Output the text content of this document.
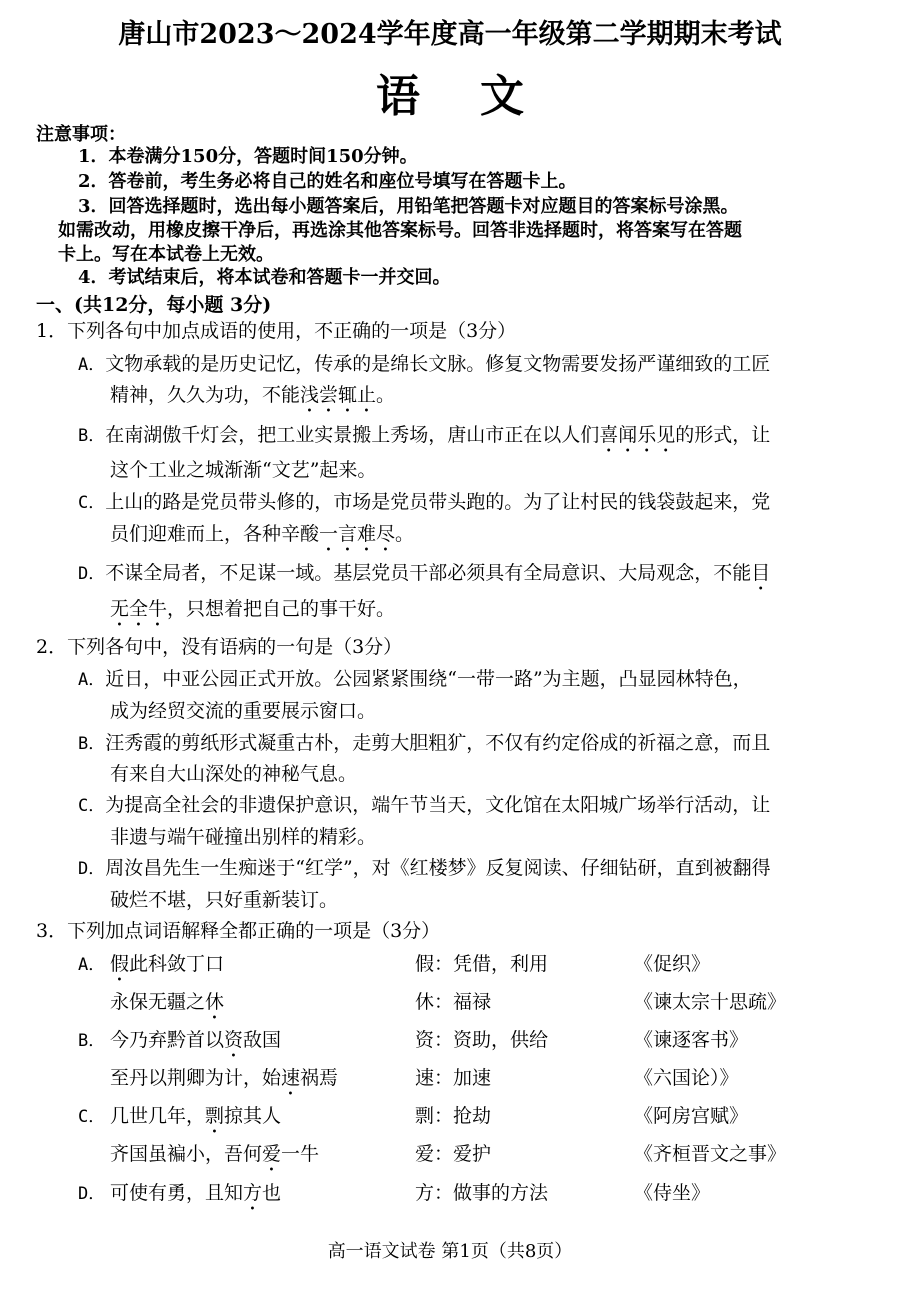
唐山市2023～2024学年度高一年级第二学期期末考试
语文
注意事项：
1．本卷满分150分，答题时间150分钟。
2．答卷前，考生务必将自己的姓名和座位号填写在答题卡上。
3．回答选择题时，选出每小题答案后，用铅笔把答题卡对应题目的答案标号涂黑。
如需改动，用橡皮擦干净后，再选涂其他答案标号。回答非选择题时，将答案写在答题
卡上。写在本试卷上无效。
4．考试结束后，将本试卷和答题卡一并交回。
一、(共12分，每小题 3分)
1．下列各句中加点成语的使用，不正确的一项是（3分）
A．文物承载的是历史记忆，传承的是绵长文脉。修复文物需要发扬严谨细致的工匠
精神，久久为功，不能浅尝辄止。
B．在南湖傲千灯会，把工业实景搬上秀场，唐山市正在以人们喜闻乐见的形式，让
这个工业之城渐渐“文艺”起来。
C．上山的路是党员带头修的，市场是党员带头跑的。为了让村民的钱袋鼓起来，党
员们迎难而上，各种辛酸一言难尽。
D．不谋全局者，不足谋一域。基层党员干部必须具有全局意识、大局观念，不能目
无全牛，只想着把自己的事干好。
2．下列各句中，没有语病的一句是（3分）
A．近日，中亚公园正式开放。公园紧紧围绕“一带一路”为主题，凸显园林特色，
成为经贸交流的重要展示窗口。
B．汪秀霞的剪纸形式凝重古朴，走剪大胆粗犷，不仅有约定俗成的祈福之意，而且
有来自大山深处的神秘气息。
C．为提高全社会的非遗保护意识，端午节当天，文化馆在太阳城广场举行活动，让
非遗与端午碰撞出别样的精彩。
D．周汝昌先生一生痴迷于“红学”，对《红楼梦》反复阅读、仔细钻研，直到被翻得
破烂不堪，只好重新装订。
3．下列加点词语解释全都正确的一项是（3分）
A． 假此科敛丁口	假：凭借，利用	《促织》
永保无疆之休	休：福禄	《谏太宗十思疏》
B． 今乃弃黔首以资敌国	资：资助，供给	《谏逐客书》
至丹以荆卿为计，始速祸焉	速：加速	《六国论）》
C． 几世几年，剽掠其人	剽：抢劫	《阿房宫赋》
齐国虽褊小，吾何爱一牛	爱：爱护	《齐桓晋文之事》
D． 可使有勇，且知方也	方：做事的方法	《侍坐》
高一语文试卷 第1页（共8页）
